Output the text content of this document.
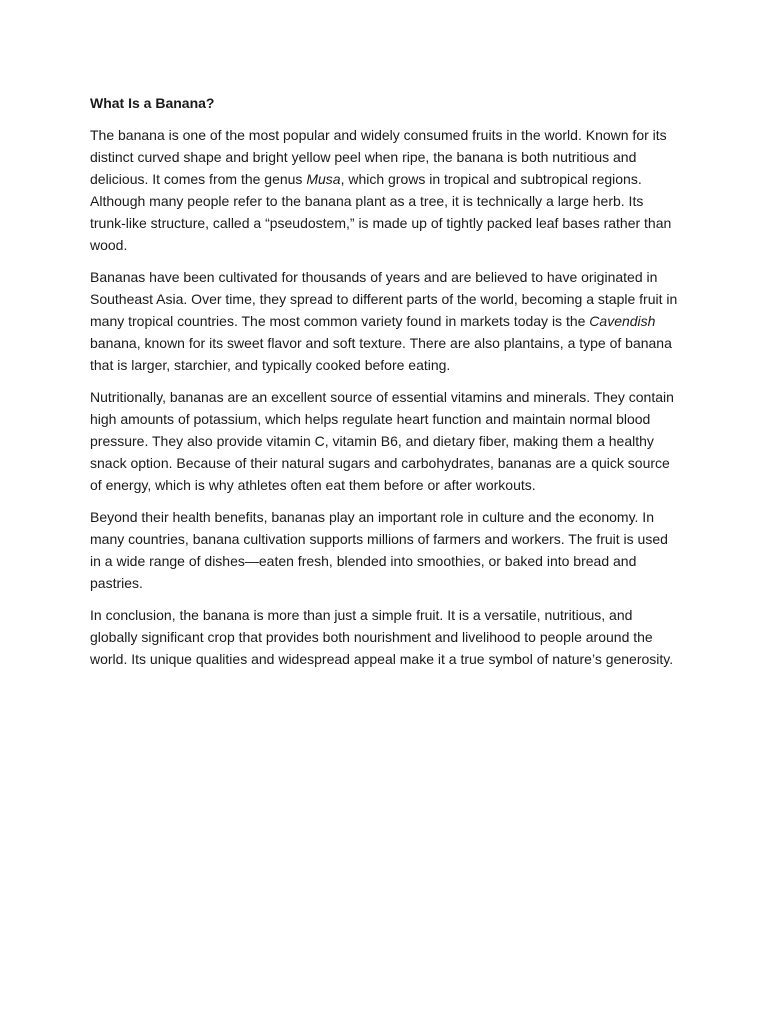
What Is a Banana?

The banana is one of the most popular and widely consumed fruits in the world. Known for its distinct curved shape and bright yellow peel when ripe, the banana is both nutritious and delicious. It comes from the genus Musa, which grows in tropical and subtropical regions. Although many people refer to the banana plant as a tree, it is technically a large herb. Its trunk-like structure, called a “pseudostem,” is made up of tightly packed leaf bases rather than wood.

Bananas have been cultivated for thousands of years and are believed to have originated in Southeast Asia. Over time, they spread to different parts of the world, becoming a staple fruit in many tropical countries. The most common variety found in markets today is the Cavendish banana, known for its sweet flavor and soft texture. There are also plantains, a type of banana that is larger, starchier, and typically cooked before eating.

Nutritionally, bananas are an excellent source of essential vitamins and minerals. They contain high amounts of potassium, which helps regulate heart function and maintain normal blood pressure. They also provide vitamin C, vitamin B6, and dietary fiber, making them a healthy snack option. Because of their natural sugars and carbohydrates, bananas are a quick source of energy, which is why athletes often eat them before or after workouts.

Beyond their health benefits, bananas play an important role in culture and the economy. In many countries, banana cultivation supports millions of farmers and workers. The fruit is used in a wide range of dishes—eaten fresh, blended into smoothies, or baked into bread and pastries.

In conclusion, the banana is more than just a simple fruit. It is a versatile, nutritious, and globally significant crop that provides both nourishment and livelihood to people around the world. Its unique qualities and widespread appeal make it a true symbol of nature’s generosity.
